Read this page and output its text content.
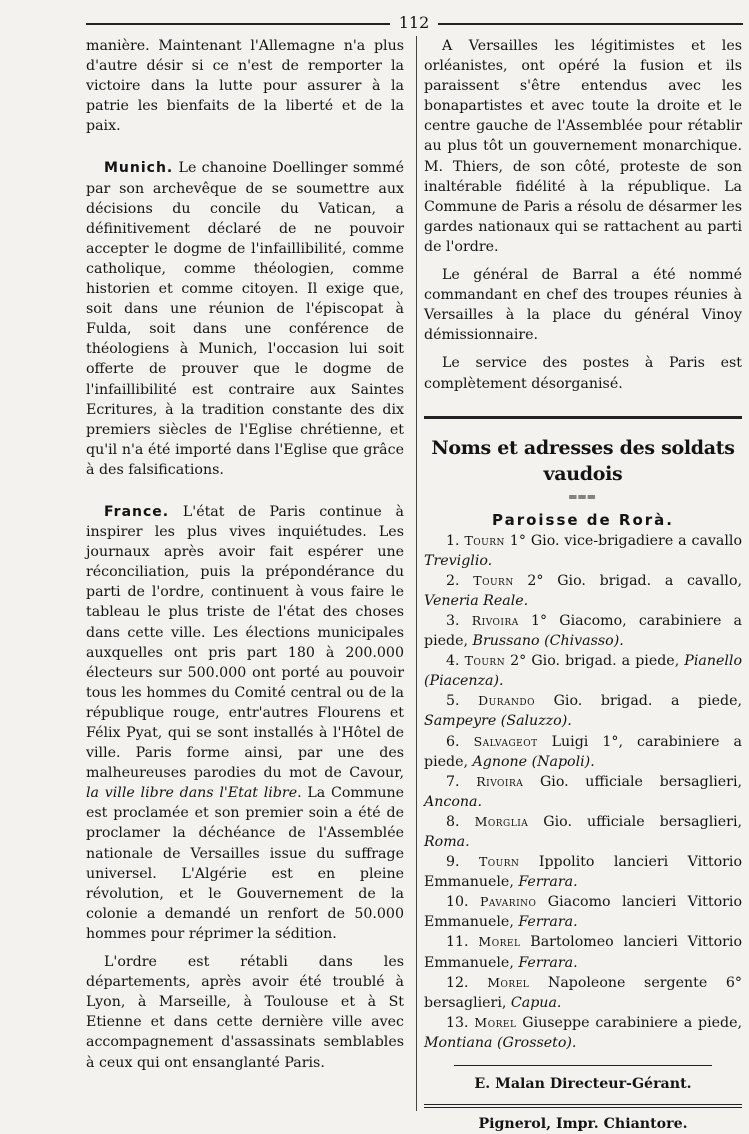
112

manière. Maintenant l'Allemagne n'a plus d'autre désir si ce n'est de remporter la victoire dans la lutte pour assurer à la patrie les bienfaits de la liberté et de la paix.

Munich. Le chanoine Doellinger sommé par son archevêque de se soumettre aux décisions du concile du Vatican, a définitivement déclaré de ne pouvoir accepter le dogme de l'infaillibilité, comme catholique, comme théologien, comme historien et comme citoyen. Il exige que, soit dans une réunion de l'épiscopat à Fulda, soit dans une conférence de théologiens à Munich, l'occasion lui soit offerte de prouver que le dogme de l'infaillibilité est contraire aux Saintes Ecritures, à la tradition constante des dix premiers siècles de l'Eglise chrétienne, et qu'il n'a été importé dans l'Eglise que grâce à des falsifications.

France. L'état de Paris continue à inspirer les plus vives inquiétudes. Les journaux après avoir fait espérer une réconciliation, puis la prépondérance du parti de l'ordre, continuent à vous faire le tableau le plus triste de l'état des choses dans cette ville. Les élections municipales auxquelles ont pris part 180 à 200.000 électeurs sur 500.000 ont porté au pouvoir tous les hommes du Comité central ou de la république rouge, entr'autres Flourens et Félix Pyat, qui se sont installés à l'Hôtel de ville. Paris forme ainsi, par une des malheureuses parodies du mot de Cavour, la ville libre dans l'Etat libre. La Commune est proclamée et son premier soin a été de proclamer la déchéance de l'Assemblée nationale de Versailles issue du suffrage universel. L'Algérie est en pleine révolution, et le Gouvernement de la colonie a demandé un renfort de 50.000 hommes pour réprimer la sédition.

L'ordre est rétabli dans les départements, après avoir été troublé à Lyon, à Marseille, à Toulouse et à St Etienne et dans cette dernière ville avec accompagnement d'assassinats semblables à ceux qui ont ensanglanté Paris.

A Versailles les légitimistes et les orléanistes, ont opéré la fusion et ils paraissent s'être entendus avec les bonapartistes et avec toute la droite et le centre gauche de l'Assemblée pour rétablir au plus tôt un gouvernement monarchique. M. Thiers, de son côté, proteste de son inaltérable fidélité à la république. La Commune de Paris a résolu de désarmer les gardes nationaux qui se rattachent au parti de l'ordre.

Le général de Barral a été nommé commandant en chef des troupes réunies à Versailles à la place du général Vinoy démissionnaire.

Le service des postes à Paris est complètement désorganisé.

Noms et adresses des soldats vaudois
═══
Paroisse de Rorà.

1. Tourn 1° Gio. vice-brigadiere a cavallo Treviglio.

2. Tourn 2° Gio. brigad. a cavallo, Veneria Reale.

3. Rivoira 1° Giacomo, carabiniere a piede, Brussano (Chivasso).

4. Tourn 2° Gio. brigad. a piede, Pianello (Piacenza).

5. Durando Gio. brigad. a piede, Sampeyre (Saluzzo).

6. Salvageot Luigi 1°, carabiniere a piede, Agnone (Napoli).

7. Rivoira Gio. ufficiale bersaglieri, Ancona.

8. Morglia Gio. ufficiale bersaglieri, Roma.

9. Tourn Ippolito lancieri Vittorio Emmanuele, Ferrara.

10. Pavarino Giacomo lancieri Vittorio Emmanuele, Ferrara.

11. Morel Bartolomeo lancieri Vittorio Emmanuele, Ferrara.

12. Morel Napoleone sergente 6° bersaglieri, Capua.

13. Morel Giuseppe carabiniere a piede, Montiana (Grosseto).

E. Malan Directeur-Gérant.
Pignerol, Impr. Chiantore.
